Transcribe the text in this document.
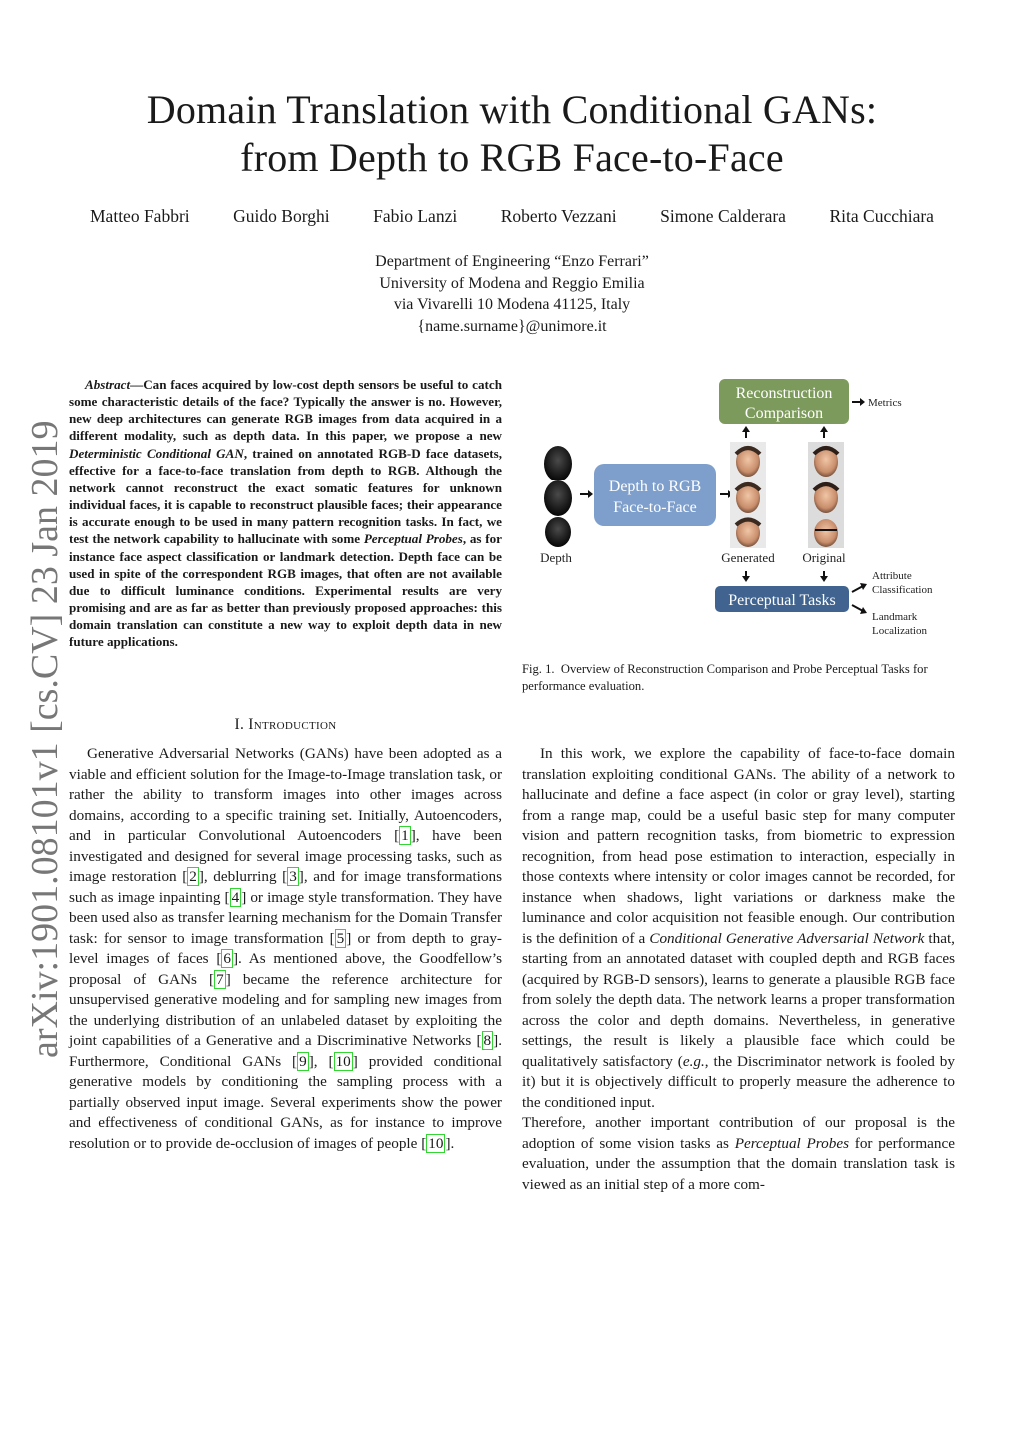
Domain Translation with Conditional GANs:
from Depth to RGB Face-to-Face
Matteo Fabbri Guido Borghi Fabio Lanzi Roberto Vezzani Simone Calderara Rita Cucchiara
Department of Engineering “Enzo Ferrari”
University of Modena and Reggio Emilia
via Vivarelli 10 Modena 41125, Italy
{name.surname}@unimore.it
arXiv:1901.08101v1 [cs.CV] 23 Jan 2019
Abstract—Can faces acquired by low-cost depth sensors be useful to catch some characteristic details of the face? Typically the answer is no. However, new deep architectures can generate RGB images from data acquired in a different modality, such as depth data. In this paper, we propose a new Deterministic Conditional GAN, trained on annotated RGB-D face datasets, effective for a face-to-face translation from depth to RGB. Although the network cannot reconstruct the exact somatic features for unknown individual faces, it is capable to reconstruct plausible faces; their appearance is accurate enough to be used in many pattern recognition tasks. In fact, we test the network capability to hallucinate with some Perceptual Probes, as for instance face aspect classification or landmark detection. Depth face can be used in spite of the correspondent RGB images, that often are not available due to difficult luminance conditions. Experimental results are very promising and are as far as better than previously proposed approaches: this domain translation can constitute a new way to exploit depth data in new future applications.
I. Introduction
Generative Adversarial Networks (GANs) have been adopted as a viable and efficient solution for the Image-to-Image translation task, or rather the ability to transform images into other images across domains, according to a specific training set. Initially, Autoencoders, and in particular Convolutional Autoencoders [ 1 ], have been investigated and designed for several image processing tasks, such as image restoration [ 2 ], deblurring [ 3 ], and for image transformations such as image inpainting [ 4 ] or image style transformation. They have been used also as transfer learning mechanism for the Domain Transfer task: for sensor to image transformation [ 5 ] or from depth to gray-level images of faces [ 6 ]. As mentioned above, the Goodfellow’s proposal of GANs [ 7 ] became the reference architecture for unsupervised generative modeling and for sampling new images from the underlying distribution of an unlabeled dataset by exploiting the joint capabilities of a Generative and a Discriminative Networks [ 8 ]. Furthermore, Conditional GANs [ 9 ], [ 10 ] provided conditional generative models by conditioning the sampling process with a partially observed input image. Several experiments show the power and effectiveness of conditional GANs, as for instance to improve resolution or to provide de-occlusion of images of people [ 10 ].
Depth
Depth to RGB
Face-to-Face
Generated Original
Reconstruction
Comparison
Metrics
Perceptual Tasks
Attribute
Classification
Landmark
Localization
Fig. 1. Overview of Reconstruction Comparison and Probe Perceptual Tasks for performance evaluation.

In this work, we explore the capability of face-to-face domain translation exploiting conditional GANs. The ability of a network to hallucinate and define a face aspect (in color or gray level), starting from a range map, could be a useful basic step for many computer vision and pattern recognition tasks, from biometric to expression recognition, from head pose estimation to interaction, especially in those contexts where intensity or color images cannot be recorded, for instance when shadows, light variations or darkness make the luminance and color acquisition not feasible enough. Our contribution is the definition of a Conditional Generative Adversarial Network that, starting from an annotated dataset with coupled depth and RGB faces (acquired by RGB-D sensors), learns to generate a plausible RGB face from solely the depth data. The network learns a proper transformation across the color and depth domains. Nevertheless, in generative settings, the result is likely a plausible face which could be qualitatively satisfactory (e.g., the Discriminator network is fooled by it) but it is objectively difficult to properly measure the adherence to the conditioned input.

Therefore, another important contribution of our proposal is the adoption of some vision tasks as Perceptual Probes for performance evaluation, under the assumption that the domain translation task is viewed as an initial step of a more com-
